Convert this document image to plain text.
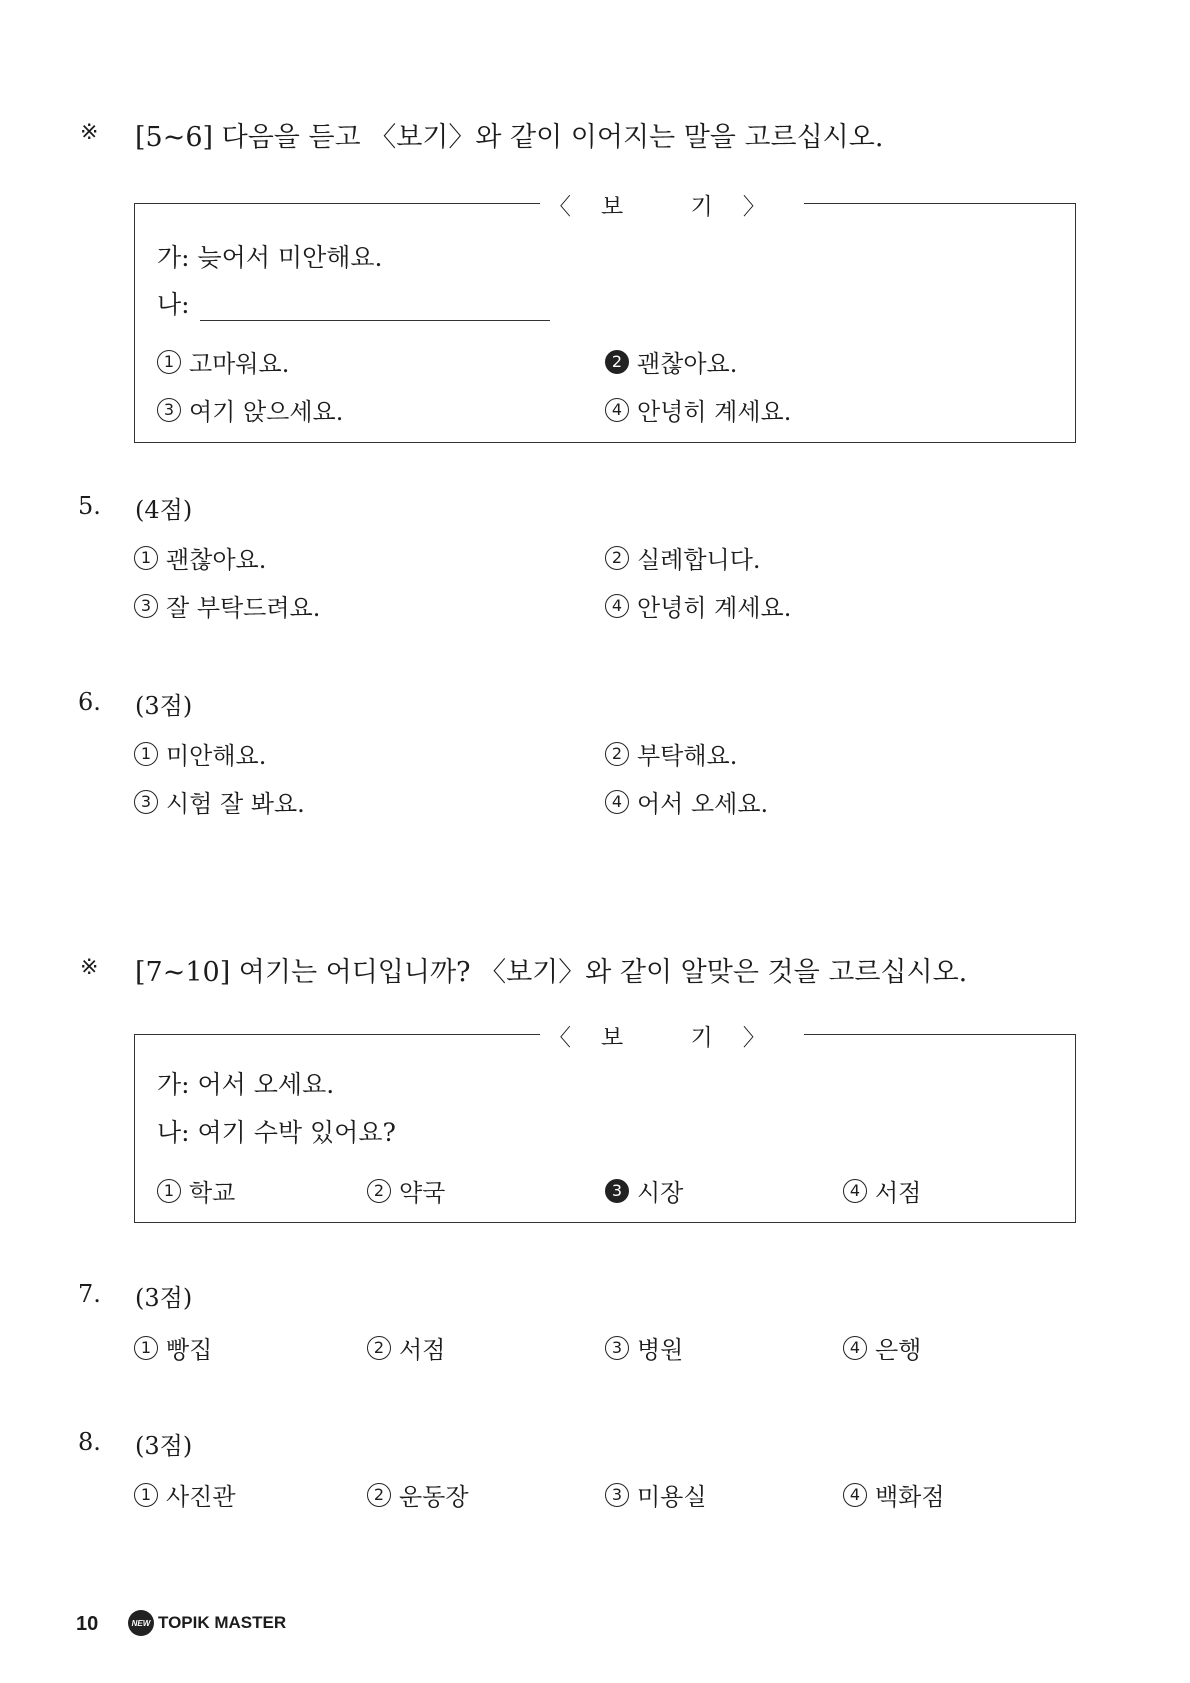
※ [5~6] 다음을 듣고 〈보기〉와 같이 이어지는 말을 고르십시오.
〈보 기〉
가: 늦어서 미안해요.
나:
1 고마워요.	2 괜찮아요.
3 여기 앉으세요.	4 안녕히 계세요.
5. (4점)
1 괜찮아요.	2 실례합니다.
3 잘 부탁드려요.	4 안녕히 계세요.
6. (3점)
1 미안해요.	2 부탁해요.
3 시험 잘 봐요.	4 어서 오세요.
※ [7~10] 여기는 어디입니까? 〈보기〉와 같이 알맞은 것을 고르십시오.
〈보 기〉
가: 어서 오세요.
나: 여기 수박 있어요?
1 학교	2 약국	3 시장	4 서점
7. (3점)
1 빵집	2 서점	3 병원	4 은행
8. (3점)
1 사진관	2 운동장	3 미용실	4 백화점
10	NEW TOPIK MASTER
